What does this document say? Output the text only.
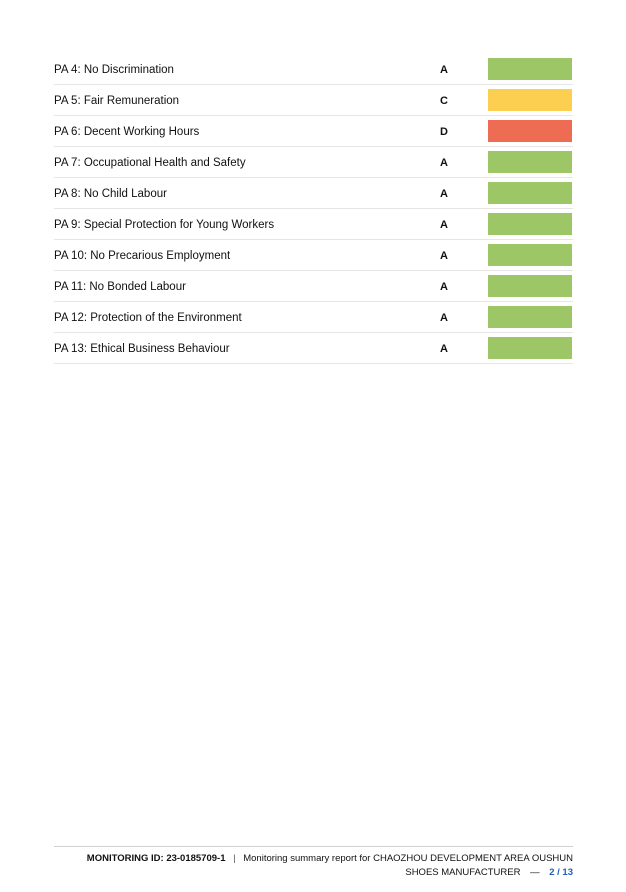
PA 4: No Discrimination	A
PA 5: Fair Remuneration	C
PA 6: Decent Working Hours	D
PA 7: Occupational Health and Safety	A
PA 8: No Child Labour	A
PA 9: Special Protection for Young Workers	A
PA 10: No Precarious Employment	A
PA 11: No Bonded Labour	A
PA 12: Protection of the Environment	A
PA 13: Ethical Business Behaviour	A
MONITORING ID: 23-0185709-1 | Monitoring summary report for CHAOZHOU DEVELOPMENT AREA OUSHUN
SHOES MANUFACTURER — 2 / 13
